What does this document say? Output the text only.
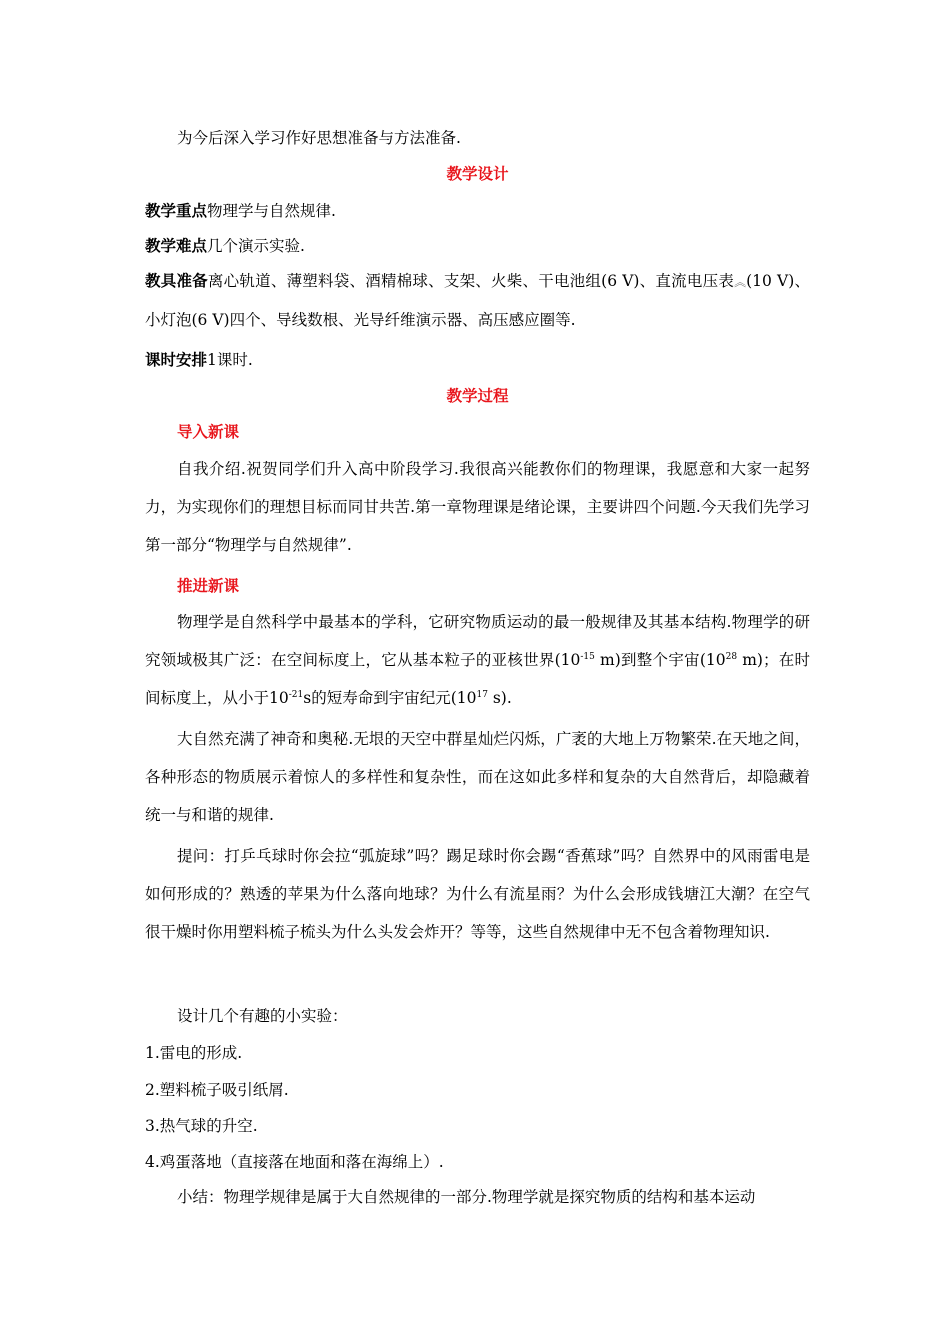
为今后深入学习作好思想准备与方法准备.
教学设计
教学重点物理学与自然规律.
教学难点几个演示实验.
教具准备离心轨道、薄塑料袋、酒精棉球、支架、火柴、干电池组(6 V)、直流电压表︽(10 V)、小灯泡(6 V)四个、导线数根、光导纤维演示器、高压感应圈等.
课时安排1课时.
教学过程
导入新课
自我介绍.祝贺同学们升入高中阶段学习.我很高兴能教你们的物理课，我愿意和大家一起努力，为实现你们的理想目标而同甘共苦.第一章物理课是绪论课，主要讲四个问题.今天我们先学习第一部分“物理学与自然规律”.
推进新课
物理学是自然科学中最基本的学科，它研究物质运动的最一般规律及其基本结构.物理学的研究领域极其广泛：在空间标度上，它从基本粒子的亚核世界($10^{-15}$ m)到整个宇宙($10^{28}$ m)；在时间标度上，从小于$10^{-21}s$的短寿命到宇宙纪元($10^{17}$ s).
大自然充满了神奇和奥秘.无垠的天空中群星灿烂闪烁，广袤的大地上万物繁荣.在天地之间，各种形态的物质展示着惊人的多样性和复杂性，而在这如此多样和复杂的大自然背后，却隐藏着统一与和谐的规律.
提问：打乒乓球时你会拉“弧旋球”吗？踢足球时你会踢“香蕉球”吗？自然界中的风雨雷电是如何形成的？熟透的苹果为什么落向地球？为什么有流星雨？为什么会形成钱塘江大潮？在空气很干燥时你用塑料梳子梳头为什么头发会炸开？等等，这些自然规律中无不包含着物理知识.
设计几个有趣的小实验：
1.雷电的形成.
2.塑料梳子吸引纸屑.
3.热气球的升空.
4.鸡蛋落地（直接落在地面和落在海绵上）.
小结：物理学规律是属于大自然规律的一部分.物理学就是探究物质的结构和基本运动
